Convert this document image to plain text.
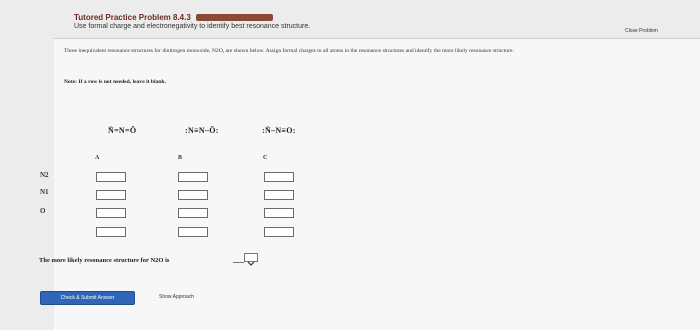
Tutored Practice Problem 8.4.3
Use formal charge and electronegativity to identify best resonance structure.
Close Problem
Three inequivalent resonance structures for dinitrogen monoxide, N2O, are shown below. Assign formal charges to all atoms in the resonance structures and identify the more likely resonance structure.
Note: If a row is not needed, leave it blank.
N̈=N=Ö	:N≡N–Ö:	:N̈–N≡O:
A	B	C
N2
N1
O
The more likely resonance structure for N2O is
Check & Submit Answer	Show Approach
